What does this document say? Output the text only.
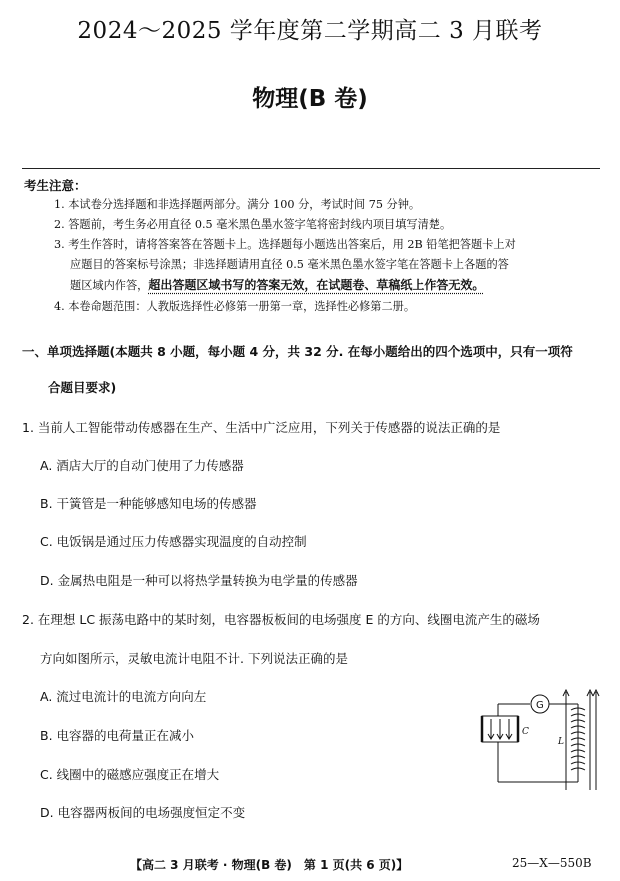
2024～2025 学年度第二学期高二 3 月联考
物理(B 卷)
考生注意：
1. 本试卷分选择题和非选择题两部分。满分 100 分，考试时间 75 分钟。
2. 答题前，考生务必用直径 0.5 毫米黑色墨水签字笔将密封线内项目填写清楚。
3. 考生作答时，请将答案答在答题卡上。选择题每小题选出答案后，用 2B 铅笔把答题卡上对
应题目的答案标号涂黑；非选择题请用直径 0.5 毫米黑色墨水签字笔在答题卡上各题的答
题区域内作答，超出答题区域书写的答案无效，在试题卷、草稿纸上作答无效。
4. 本卷命题范围：人教版选择性必修第一册第一章，选择性必修第二册。
一、单项选择题(本题共 8 小题，每小题 4 分，共 32 分. 在每小题给出的四个选项中，只有一项符
合题目要求)
1. 当前人工智能带动传感器在生产、生活中广泛应用，下列关于传感器的说法正确的是
A. 酒店大厅的自动门使用了力传感器
B. 干簧管是一种能够感知电场的传感器
C. 电饭锅是通过压力传感器实现温度的自动控制
D. 金属热电阻是一种可以将热学量转换为电学量的传感器
2. 在理想 LC 振荡电路中的某时刻，电容器板板间的电场强度 E 的方向、线圈电流产生的磁场
方向如图所示，灵敏电流计电阻不计. 下列说法正确的是
A. 流过电流计的电流方向向左
B. 电容器的电荷量正在减小
C. 线圈中的磁感应强度正在增大
D. 电容器两板间的电场强度恒定不变
G
C
L
【高二 3 月联考 · 物理(B 卷)　第 1 页(共 6 页)】	25—X—550B
